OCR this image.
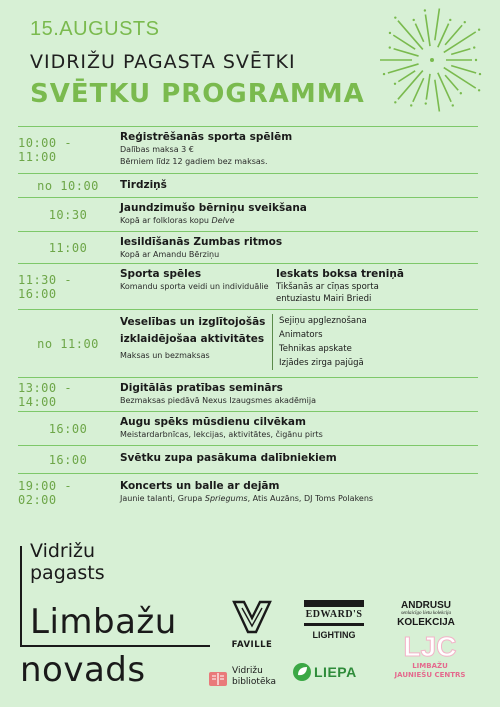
15.AUGUSTS
VIDRIŽU PAGASTA SVĒTKI
SVĒTKU PROGRAMMA
10:00 - 11:00
Reģistrēšanās sporta spēlēm
Dalības maksa 3 €
Bērniem līdz 12 gadiem bez maksas.
no 10:00	Tirdziņš
10:30	Jaundzimušo bērniņu sveikšana
Kopā ar folkloras kopu Delve
11:00	Iesildīšanās Zumbas ritmos
Kopā ar Amandu Bērziņu
11:30 - 16:00
Sporta spēles
Komandu sporta veidi un individuālie
Ieskats boksa treniņā
Tikšanās ar cīņas sporta
entuziastu Mairi Briedi
no 11:00
Veselības un izglītojošās
izklaidējošaa aktivitātes
Maksas un bezmaksas
Sejiņu apgleznošana
Animators
Tehnikas apskate
Izjādes zirga pajūgā
13:00 - 14:00
Digitālās pratības seminārs
Bezmaksas piedāvā Nexus Izaugsmes akadēmija
16:00	Augu spēks mūsdienu cilvēkam
Meistardarbnīcas, lekcijas, aktivitātes, čigānu pirts
16:00	Svētku zupa pasākuma dalībniekiem
19:00 - 02:00
Koncerts un balle ar dejām
Jaunie talanti, Grupa Spriegums, Atis Auzāns, DJ Toms Polakens
Vidrižu
pagasts
Limbažu
novads
FAVILLE
EDWARD'S
LIGHTING
ANDRUSU
senlaicīgo lietu kolekcija
KOLEKCIJA
Vidrižu
bibliotēka
LIEPA
LJC
LIMBAŽU
JAUNIEŠU CENTRS
